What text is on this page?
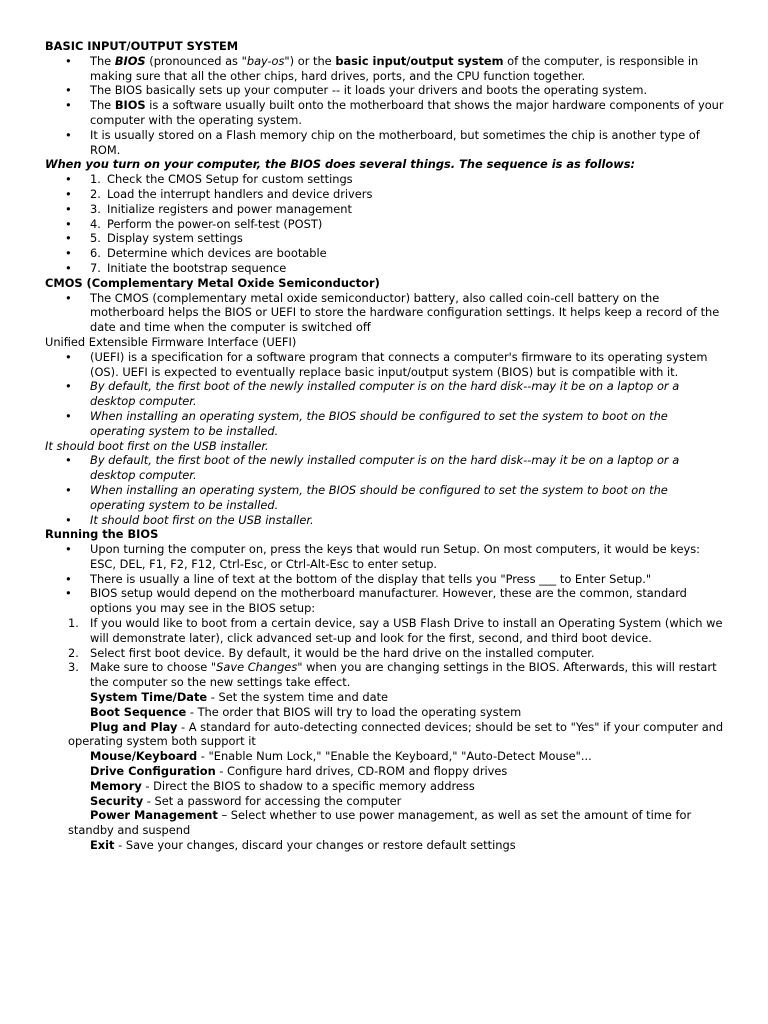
BASIC INPUT/OUTPUT SYSTEM
• The BIOS (pronounced as "bay-os") or the basic input/output system of the computer, is responsible in making sure that all the other chips, hard drives, ports, and the CPU function together.
• The BIOS basically sets up your computer -- it loads your drivers and boots the operating system.
• The BIOS is a software usually built onto the motherboard that shows the major hardware components of your computer with the operating system.
• It is usually stored on a Flash memory chip on the motherboard, but sometimes the chip is another type of ROM.
When you turn on your computer, the BIOS does several things. The sequence is as follows:
• 1. Check the CMOS Setup for custom settings
• 2. Load the interrupt handlers and device drivers
• 3. Initialize registers and power management
• 4. Perform the power-on self-test (POST)
• 5. Display system settings
• 6. Determine which devices are bootable
• 7. Initiate the bootstrap sequence
CMOS (Complementary Metal Oxide Semiconductor)
• The CMOS (complementary metal oxide semiconductor) battery, also called coin-cell battery on the motherboard helps the BIOS or UEFI to store the hardware configuration settings. It helps keep a record of the date and time when the computer is switched off
Unified Extensible Firmware Interface (UEFI)
• (UEFI) is a specification for a software program that connects a computer's firmware to its operating system (OS). UEFI is expected to eventually replace basic input/output system (BIOS) but is compatible with it.
• By default, the first boot of the newly installed computer is on the hard disk--may it be on a laptop or a desktop computer.
• When installing an operating system, the BIOS should be configured to set the system to boot on the operating system to be installed.
It should boot first on the USB installer.
• By default, the first boot of the newly installed computer is on the hard disk--may it be on a laptop or a desktop computer.
• When installing an operating system, the BIOS should be configured to set the system to boot on the operating system to be installed.
• It should boot first on the USB installer.
Running the BIOS
• Upon turning the computer on, press the keys that would run Setup. On most computers, it would be keys: ESC, DEL, F1, F2, F12, Ctrl-Esc, or Ctrl-Alt-Esc to enter setup.
• There is usually a line of text at the bottom of the display that tells you "Press ___ to Enter Setup."
• BIOS setup would depend on the motherboard manufacturer. However, these are the common, standard options you may see in the BIOS setup:
1. If you would like to boot from a certain device, say a USB Flash Drive to install an Operating System (which we will demonstrate later), click advanced set-up and look for the first, second, and third boot device.
2. Select first boot device. By default, it would be the hard drive on the installed computer.
3. Make sure to choose "Save Changes" when you are changing settings in the BIOS. Afterwards, this will restart the computer so the new settings take effect.
System Time/Date - Set the system time and date
Boot Sequence - The order that BIOS will try to load the operating system
Plug and Play - A standard for auto-detecting connected devices; should be set to "Yes" if your computer and operating system both support it
Mouse/Keyboard - "Enable Num Lock," "Enable the Keyboard," "Auto-Detect Mouse"...
Drive Configuration - Configure hard drives, CD-ROM and floppy drives
Memory - Direct the BIOS to shadow to a specific memory address
Security - Set a password for accessing the computer
Power Management – Select whether to use power management, as well as set the amount of time for standby and suspend
Exit - Save your changes, discard your changes or restore default settings
